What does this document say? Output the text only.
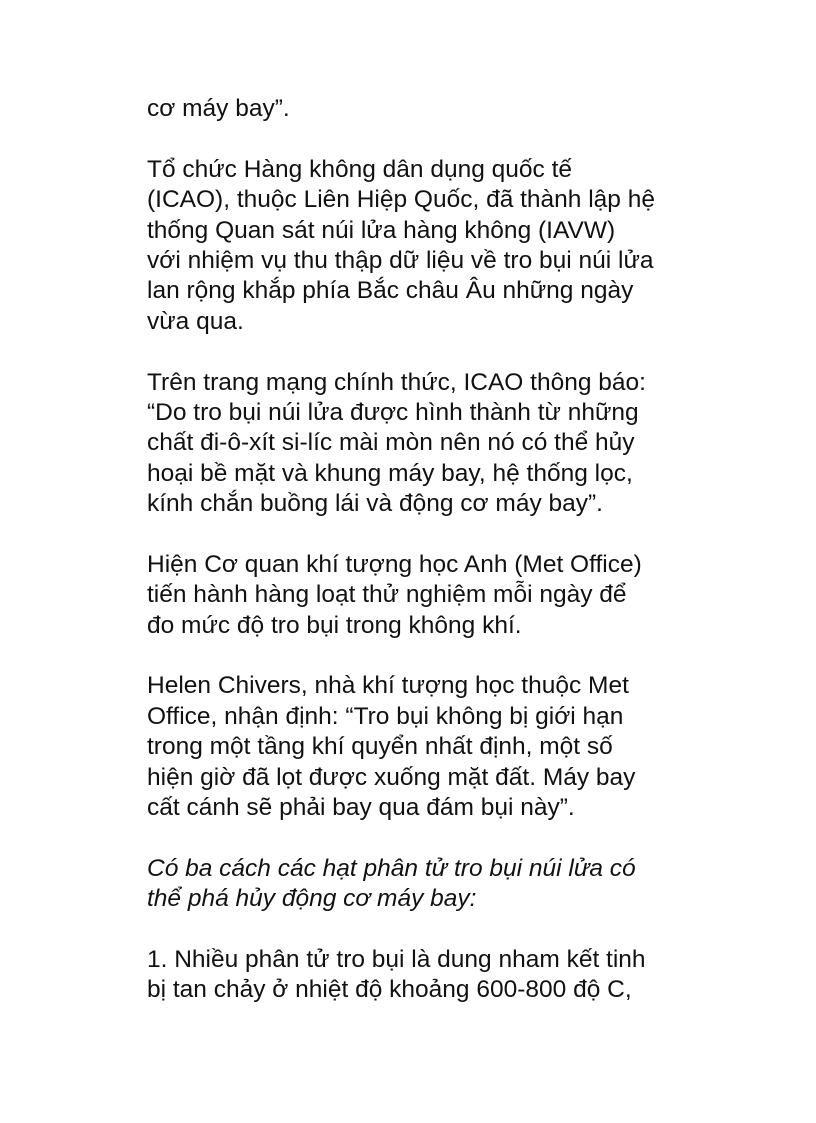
cơ máy bay”.
Tổ chức Hàng không dân dụng quốc tế
(ICAO), thuộc Liên Hiệp Quốc, đã thành lập hệ
thống Quan sát núi lửa hàng không (IAVW)
với nhiệm vụ thu thập dữ liệu về tro bụi núi lửa
lan rộng khắp phía Bắc châu Âu những ngày
vừa qua.
Trên trang mạng chính thức, ICAO thông báo:
“Do tro bụi núi lửa được hình thành từ những
chất đi-ô-xít si-líc mài mòn nên nó có thể hủy
hoại bề mặt và khung máy bay, hệ thống lọc,
kính chắn buồng lái và động cơ máy bay”.
Hiện Cơ quan khí tượng học Anh (Met Office)
tiến hành hàng loạt thử nghiệm mỗi ngày để
đo mức độ tro bụi trong không khí.
Helen Chivers, nhà khí tượng học thuộc Met
Office, nhận định: “Tro bụi không bị giới hạn
trong một tầng khí quyển nhất định, một số
hiện giờ đã lọt được xuống mặt đất. Máy bay
cất cánh sẽ phải bay qua đám bụi này”.
Có ba cách các hạt phân tử tro bụi núi lửa có
thể phá hủy động cơ máy bay:
1. Nhiều phân tử tro bụi là dung nham kết tinh
bị tan chảy ở nhiệt độ khoảng 600-800 độ C,
